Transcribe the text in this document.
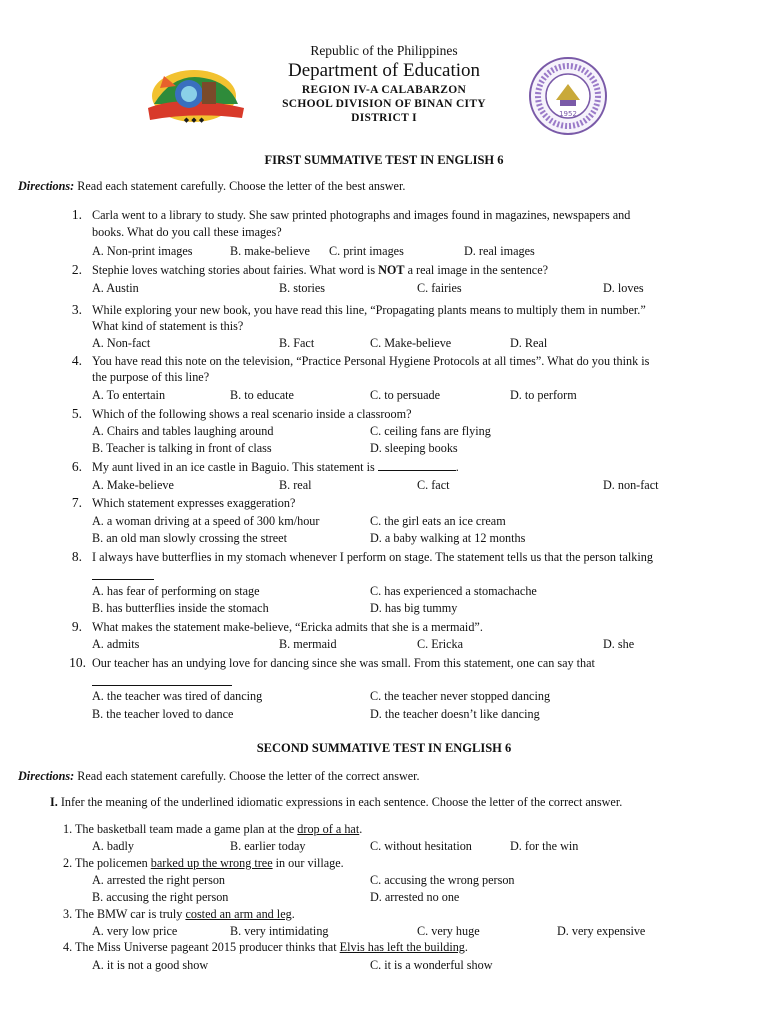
◆ ◆ ◆
1952
Republic of the Philippines
Department of Education
REGION IV-A CALABARZON
SCHOOL DIVISION OF BINAN CITY
DISTRICT I
FIRST SUMMATIVE TEST IN ENGLISH 6
Directions: Read each statement carefully. Choose the letter of the best answer.
1. Carla went to a library to study. She saw printed photographs and images found in magazines, newspapers and
books. What do you call these images?
A. Non-print images	B. make-believe C. print images	D. real images
2. Stephie loves watching stories about fairies. What word is NOT a real image in the sentence?
A. Austin	B. stories	C. fairies	D. loves
3. While exploring your new book, you have read this line, “Propagating plants means to multiply them in number.”
What kind of statement is this?
A. Non-fact	B. Fact	C. Make-believe	D. Real
4. You have read this note on the television, “Practice Personal Hygiene Protocols at all times”. What do you think is
the purpose of this line?
A. To entertain	B. to educate	C. to persuade	D. to perform
5. Which of the following shows a real scenario inside a classroom?
A. Chairs and tables laughing around	C. ceiling fans are flying
B. Teacher is talking in front of class	D. sleeping books
6. My aunt lived in an ice castle in Baguio. This statement is	.
A. Make-believe	B. real	C. fact	D. non-fact
7. Which statement expresses exaggeration?
A. a woman driving at a speed of 300 km/hour	C. the girl eats an ice cream
B. an old man slowly crossing the street	D. a baby walking at 12 months
8. I always have butterflies in my stomach whenever I perform on stage. The statement tells us that the person talking
A. has fear of performing on stage	C. has experienced a stomachache
B. has butterflies inside the stomach	D. has big tummy
9. What makes the statement make-believe, “Ericka admits that she is a mermaid”.
A. admits	B. mermaid	C. Ericka	D. she
10. Our teacher has an undying love for dancing since she was small. From this statement, one can say that
A. the teacher was tired of dancing	C. the teacher never stopped dancing
B. the teacher loved to dance	D. the teacher doesn’t like dancing
SECOND SUMMATIVE TEST IN ENGLISH 6
Directions: Read each statement carefully. Choose the letter of the correct answer.
I. Infer the meaning of the underlined idiomatic expressions in each sentence. Choose the letter of the correct answer.
1. The basketball team made a game plan at the drop of a hat.
A. badly	B. earlier today	C. without hesitation	D. for the win
2. The policemen barked up the wrong tree in our village.
A. arrested the right person	C. accusing the wrong person
B. accusing the right person	D. arrested no one
3. The BMW car is truly costed an arm and leg.
A. very low price	B. very intimidating	C. very huge	D. very expensive
4. The Miss Universe pageant 2015 producer thinks that Elvis has left the building.
A. it is not a good show	C. it is a wonderful show
